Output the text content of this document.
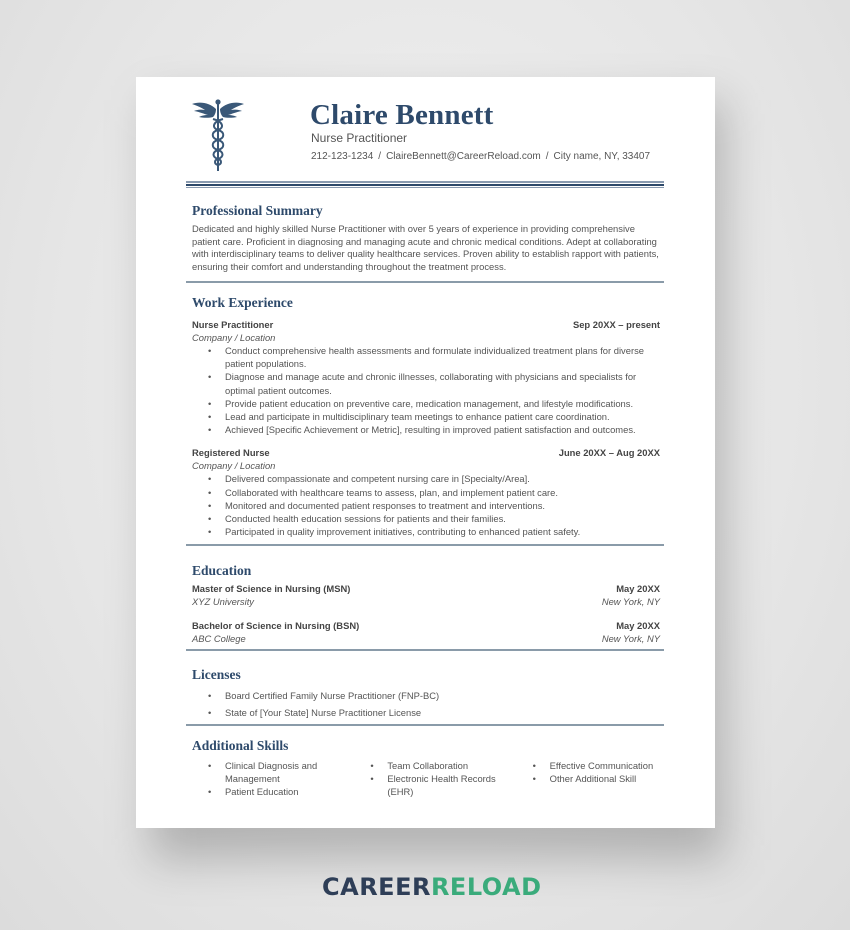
Claire Bennett
Nurse Practitioner
212-123-1234 / ClaireBennett@CareerReload.com / City name, NY, 33407
Professional Summary
Dedicated and highly skilled Nurse Practitioner with over 5 years of experience in providing comprehensive patient care. Proficient in diagnosing and managing acute and chronic medical conditions. Adept at collaborating with interdisciplinary teams to deliver quality healthcare services. Proven ability to establish rapport with patients, ensuring their comfort and understanding throughout the treatment process.
Work Experience
Nurse Practitioner	Sep 20XX – present
Company / Location
• Conduct comprehensive health assessments and formulate individualized treatment plans for diverse patient populations.
• Diagnose and manage acute and chronic illnesses, collaborating with physicians and specialists for optimal patient outcomes.
• Provide patient education on preventive care, medication management, and lifestyle modifications.
• Lead and participate in multidisciplinary team meetings to enhance patient care coordination.
• Achieved [Specific Achievement or Metric], resulting in improved patient satisfaction and outcomes.
Registered Nurse	June 20XX – Aug 20XX
Company / Location
• Delivered compassionate and competent nursing care in [Specialty/Area].
• Collaborated with healthcare teams to assess, plan, and implement patient care.
• Monitored and documented patient responses to treatment and interventions.
• Conducted health education sessions for patients and their families.
• Participated in quality improvement initiatives, contributing to enhanced patient safety.
Education
Master of Science in Nursing (MSN)	May 20XX
XYZ University	New York, NY
Bachelor of Science in Nursing (BSN)	May 20XX
ABC College	New York, NY
Licenses
• Board Certified Family Nurse Practitioner (FNP-BC)
• State of [Your State] Nurse Practitioner License
Additional Skills
• Clinical Diagnosis and Management
• Patient Education
• Team Collaboration
• Electronic Health Records (EHR)
• Effective Communication
• Other Additional Skill
CAREERRELOAD
